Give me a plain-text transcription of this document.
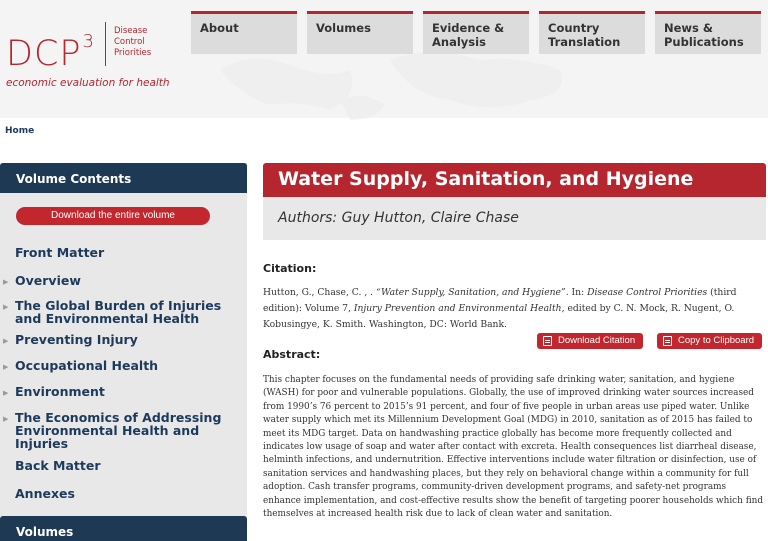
DCP$^3$ Disease
Control
Priorities
economic evaluation for health
About	Volumes	Evidence &
Analysis
Country
Translation
News &
Publications
Home
Volume Contents
Download the entire volume
Front Matter
▶ Overview
▶ The Global Burden of Injuries and Environmental Health
▶ Preventing Injury
▶ Occupational Health
▶ Environment
▶ The Economics of Addressing Environmental Health and Injuries
Back Matter
Annexes
Volumes
Water Supply, Sanitation, and Hygiene
Authors: Guy Hutton, Claire Chase
Citation:

Hutton, G., Chase, C. , . “Water Supply, Sanitation, and Hygiene”. In: Disease Control Priorities (third edition): Volume 7, Injury Prevention and Environmental Health, edited by C. N. Mock, R. Nugent, O. Kobusingye, K. Smith. Washington, DC: World Bank.

Download Citation	Copy to Clipboard
Abstract:

This chapter focuses on the fundamental needs of providing safe drinking water, sanitation, and hygiene (WASH) for poor and vulnerable populations. Globally, the use of improved drinking water sources increased from 1990’s 76 percent to 2015’s 91 percent, and four of five people in urban areas use piped water. Unlike water supply which met its Millennium Development Goal (MDG) in 2010, sanitation as of 2015 has failed to meet its MDG target. Data on handwashing practice globally has become more frequently collected and indicates low usage of soap and water after contact with excreta. Health consequences list diarrheal disease, helminth infections, and undernutrition. Effective interventions include water filtration or disinfection, use of sanitation services and handwashing places, but they rely on behavioral change within a community for full adoption. Cash transfer programs, community-driven development programs, and safety-net programs enhance implementation, and cost-effective results show the benefit of targeting poorer households which find themselves at increased health risk due to lack of clean water and sanitation.
